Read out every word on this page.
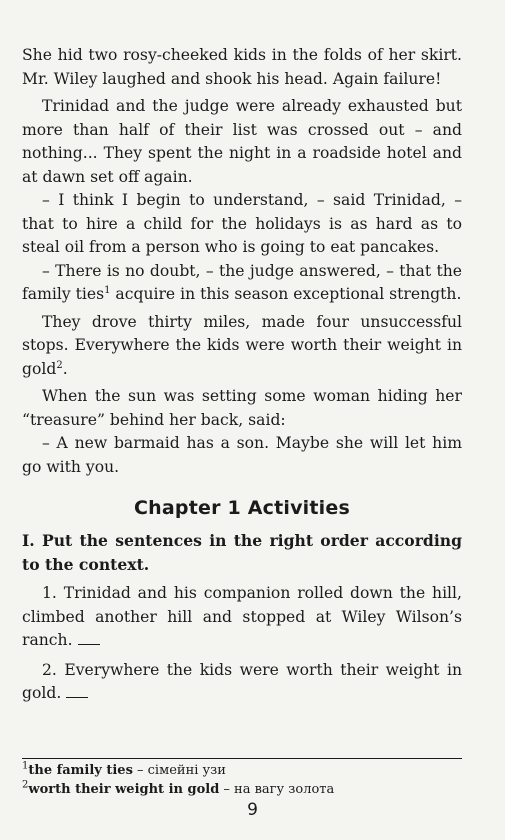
She hid two rosy-cheeked kids in the folds of her skirt. Mr. Wiley laughed and shook his head. Again failure!

Trinidad and the judge were already exhausted but more than half of their list was crossed out – and nothing... They spent the night in a roadside hotel and at dawn set off again.

– I think I begin to understand, – said Trinidad, – that to hire a child for the holidays is as hard as to steal oil from a person who is going to eat pancakes.

– There is no doubt, – the judge answered, – that the family ties$^1$ acquire in this season exceptional strength.

They drove thirty miles, made four unsuccessful stops. Everywhere the kids were worth their weight in gold$^2$.

When the sun was setting some woman hiding her “treasure” behind her back, said:

– A new barmaid has a son. Maybe she will let him go with you.

Chapter 1 Activities

I. Put the sentences in the right order according to the context.

1. Trinidad and his companion rolled down the hill, climbed another hill and stopped at Wiley Wilson’s ranch.

2. Everywhere the kids were worth their weight in gold.

$^1$the family ties – сімейні узи

$^2$worth their weight in gold – на вагу золота

9
